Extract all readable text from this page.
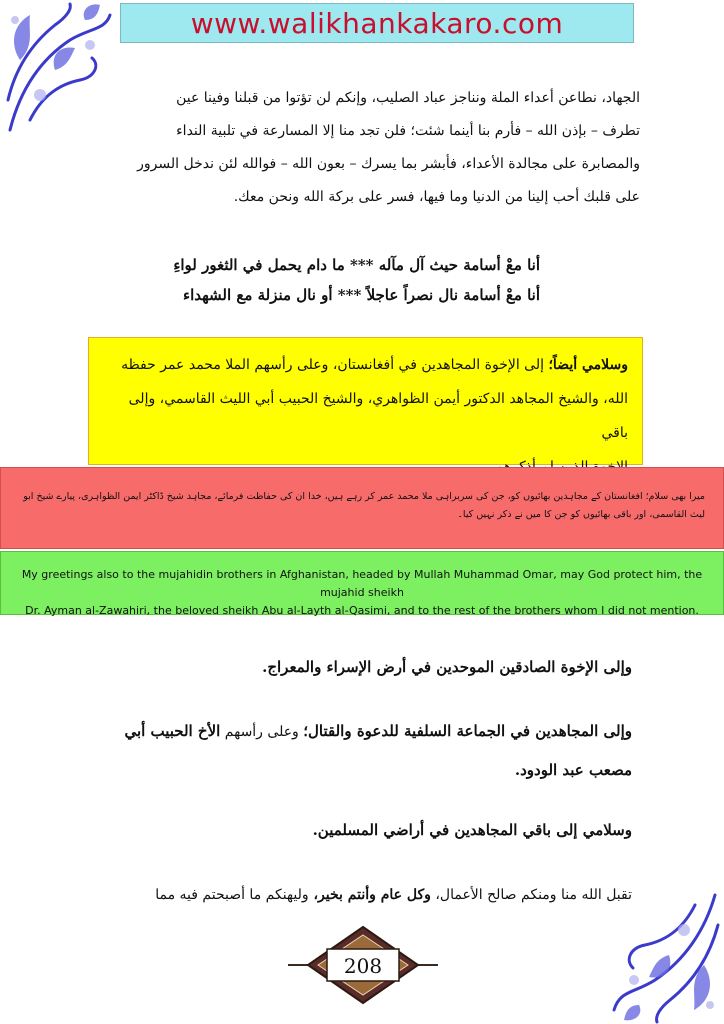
www.walikhankakaro.com
الجهاد، نطاعن أعداء الملة ونناجز عباد الصليب، وإنكم لن تؤتوا من قبلنا وفينا عين
تطرف – بإذن الله – فأرم بنا أينما شئت؛ فلن تجد منا إلا المسارعة في تلبية النداء
والمصابرة على مجالدة الأعداء، فأبشر بما يسرك – بعون الله – فوالله لئن ندخل السرور
على قلبك أحب إلينا من الدنيا وما فيها، فسر على بركة الله ونحن معك.
أنا معْ أسامة حيث آل مآله *** ما دام يحمل في الثغور لواءِ
أنا معْ أسامة نال نصراً عاجلاً *** أو نال منزلة مع الشهداء

وسلامي أيضاً؛ إلى الإخوة المجاهدين في أفغانستان، وعلى رأسهم الملا محمد عمر حفظه

الله، والشيخ المجاهد الدكتور أيمن الظواهري، والشيخ الحبيب أبي الليث القاسمي، وإلى باقي

میرا بھی سلام؛ افغانستان کے مجاہدین بھائیوں کو، جن کی سربراہی ملا محمد عمر کر رہے ہیں، خدا ان کی حفاظت فرمائے، مجاہد شیخ ڈاکٹر ایمن الظواہری، پیارے شیخ ابو لیث القاسمی، اور باقی بھائیوں کو جن کا میں نے ذکر نہیں کیا۔

My greetings also to the mujahidin brothers in Afghanistan, headed by Mullah Muhammad Omar, may God protect him, the mujahid sheikh

Dr. Ayman al-Zawahiri, the beloved sheikh Abu al-Layth al-Qasimi, and to the rest of the brothers whom I did not mention.

وإلى الإخوة الصادقين الموحدين في أرض الإسراء والمعراج.
وإلى المجاهدين في الجماعة السلفية للدعوة والقتال؛ وعلى رأسهم الأخ الحبيب أبي
مصعب عبد الودود.
وسلامي إلى باقي المجاهدين في أراضي المسلمين.
تقبل الله منا ومنكم صالح الأعمال، وكل عام وأنتم بخير، وليهنكم ما أصبحتم فيه مما
208
